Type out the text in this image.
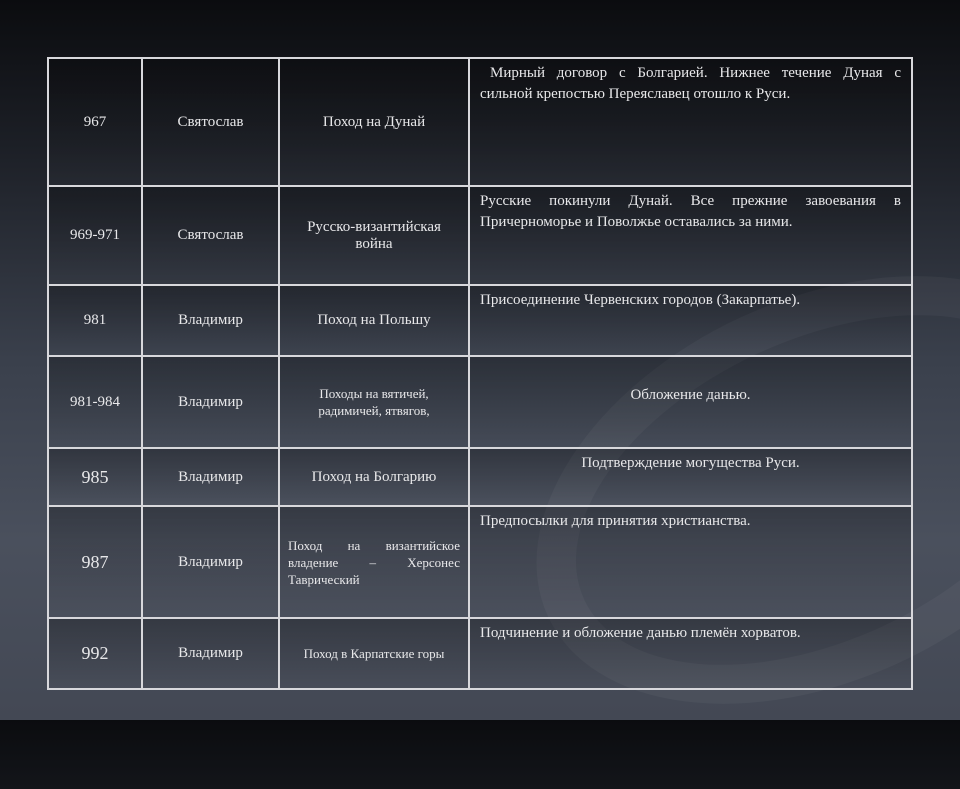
967	Святослав	Поход на Дунай	Мирный договор с Болгарией. Нижнее течение Дуная с сильной крепостью Переяславец отошло к Руси.
969-971	Святослав	Русско-византийская война	Русские покинули Дунай. Все прежние завоевания в Причерноморье и Поволжье оставались за ними.
981	Владимир	Поход на Польшу	Присоединение Червенских городов (Закарпатье).
981-984	Владимир	Походы на вятичей, радимичей, ятвягов,	Обложение данью.
985	Владимир	Поход на Болгарию	Подтверждение могущества Руси.
987	Владимир	Поход на византийское владение – Херсонес Таврический	Предпосылки для принятия христианства.
992	Владимир	Поход в Карпатские горы	Подчинение и обложение данью племён хорватов.
